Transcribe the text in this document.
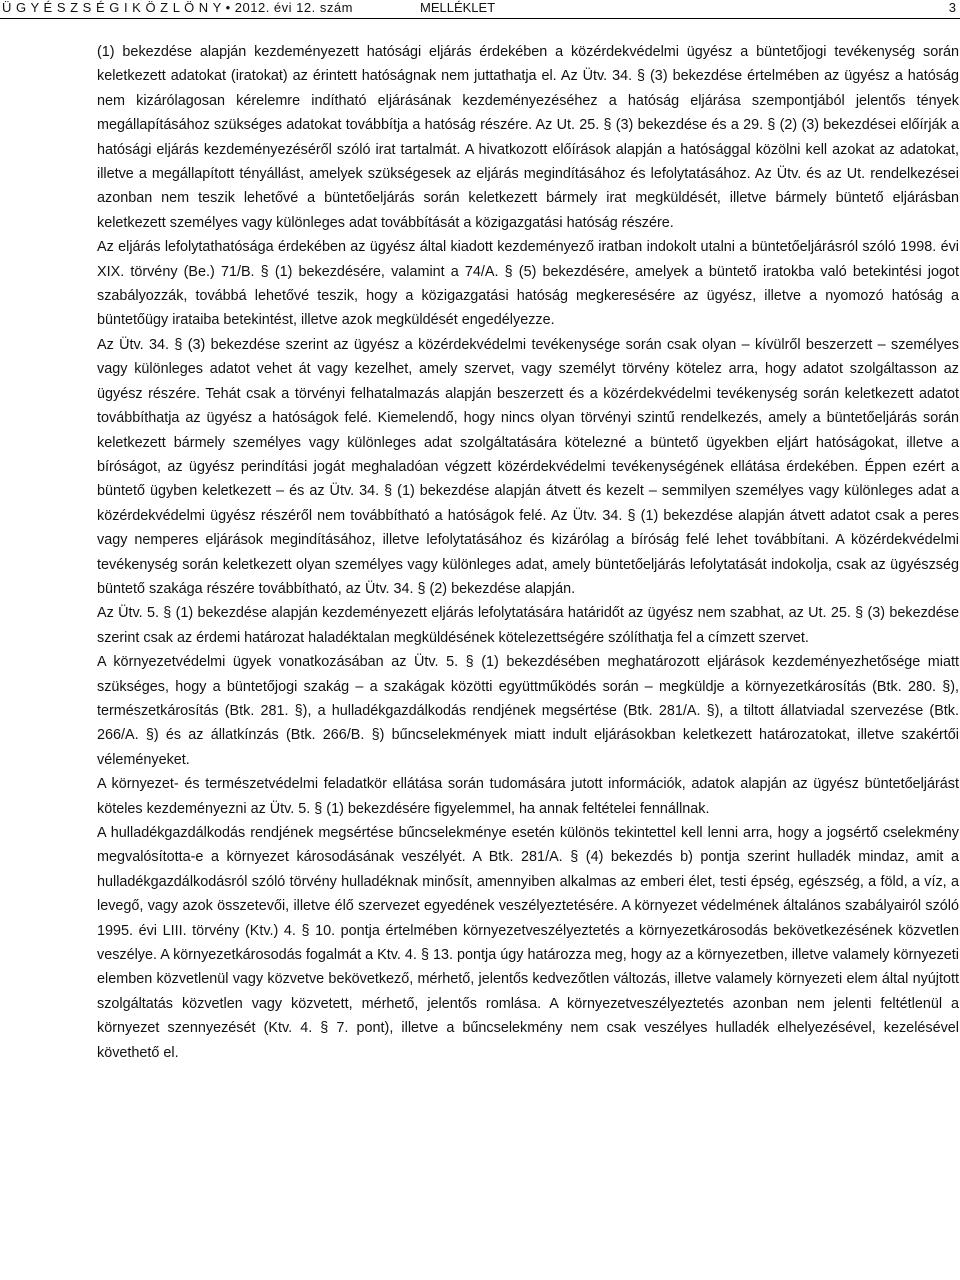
Ü G Y É S Z S É G I K Ö Z L Ö N Y • 2012. évi 12. szám	MELLÉKLET	3

(1) bekezdése alapján kezdeményezett hatósági eljárás érdekében a közérdekvédelmi ügyész a büntetőjogi tevékenység során keletkezett adatokat (iratokat) az érintett hatóságnak nem juttathatja el. Az Ütv. 34. § (3) bekezdése értelmében az ügyész a hatóság nem kizárólagosan kérelemre indítható eljárásának kezdeményezéséhez a hatóság eljárása szempontjából jelentős tények megállapításához szükséges adatokat továbbítja a hatóság részére. Az Ut. 25. § (3) bekezdése és a 29. § (2) (3) bekezdései előírják a hatósági eljárás kezdeményezéséről szóló irat tartalmát. A hivatkozott előírások alapján a hatósággal közölni kell azokat az adatokat, illetve a megállapított tényállást, amelyek szükségesek az eljárás megindításához és lefolytatásához. Az Ütv. és az Ut. rendelkezései azonban nem teszik lehetővé a büntetőeljárás során keletkezett bármely irat megküldését, illetve bármely büntető eljárásban keletkezett személyes vagy különleges adat továbbítását a közigazgatási hatóság részére.

Az eljárás lefolytathatósága érdekében az ügyész által kiadott kezdeményező iratban indokolt utalni a büntetőeljárásról szóló 1998. évi XIX. törvény (Be.) 71/B. § (1) bekezdésére, valamint a 74/A. § (5) bekezdésére, amelyek a büntető iratokba való betekintési jogot szabályozzák, továbbá lehetővé teszik, hogy a közigazgatási hatóság megkeresésére az ügyész, illetve a nyomozó hatóság a büntetőügy irataiba betekintést, illetve azok megküldését engedélyezze.

Az Ütv. 34. § (3) bekezdése szerint az ügyész a közérdekvédelmi tevékenysége során csak olyan – kívülről beszerzett – személyes vagy különleges adatot vehet át vagy kezelhet, amely szervet, vagy személyt törvény kötelez arra, hogy adatot szolgáltasson az ügyész részére. Tehát csak a törvényi felhatalmazás alapján beszerzett és a közérdekvédelmi tevékenység során keletkezett adatot továbbíthatja az ügyész a hatóságok felé. Kiemelendő, hogy nincs olyan törvényi szintű rendelkezés, amely a büntetőeljárás során keletkezett bármely személyes vagy különleges adat szolgáltatására kötelezné a büntető ügyekben eljárt hatóságokat, illetve a bíróságot, az ügyész perindítási jogát meghaladóan végzett közérdekvédelmi tevékenységének ellátása érdekében. Éppen ezért a büntető ügyben keletkezett – és az Ütv. 34. § (1) bekezdése alapján átvett és kezelt – semmilyen személyes vagy különleges adat a közérdekvédelmi ügyész részéről nem továbbítható a hatóságok felé. Az Ütv. 34. § (1) bekezdése alapján átvett adatot csak a peres vagy nemperes eljárások megindításához, illetve lefolytatásához és kizárólag a bíróság felé lehet továbbítani. A közérdekvédelmi tevékenység során keletkezett olyan személyes vagy különleges adat, amely büntetőeljárás lefolytatását indokolja, csak az ügyészség büntető szakága részére továbbítható, az Ütv. 34. § (2) bekezdése alapján.

Az Ütv. 5. § (1) bekezdése alapján kezdeményezett eljárás lefolytatására határidőt az ügyész nem szabhat, az Ut. 25. § (3) bekezdése szerint csak az érdemi határozat haladéktalan megküldésének kötelezettségére szólíthatja fel a címzett szervet.

A környezetvédelmi ügyek vonatkozásában az Ütv. 5. § (1) bekezdésében meghatározott eljárások kezdeményezhetősége miatt szükséges, hogy a büntetőjogi szakág – a szakágak közötti együttműködés során – megküldje a környezetkárosítás (Btk. 280. §), természetkárosítás (Btk. 281. §), a hulladékgazdálkodás rendjének megsértése (Btk. 281/A. §), a tiltott állatviadal szervezése (Btk. 266/A. §) és az állatkínzás (Btk. 266/B. §) bűncselekmények miatt indult eljárásokban keletkezett határozatokat, illetve szakértői véleményeket.

A környezet- és természetvédelmi feladatkör ellátása során tudomására jutott információk, adatok alapján az ügyész büntetőeljárást köteles kezdeményezni az Ütv. 5. § (1) bekezdésére figyelemmel, ha annak feltételei fennállnak.

A hulladékgazdálkodás rendjének megsértése bűncselekménye esetén különös tekintettel kell lenni arra, hogy a jogsértő cselekmény megvalósította-e a környezet károsodásának veszélyét. A Btk. 281/A. § (4) bekezdés b) pontja szerint hulladék mindaz, amit a hulladékgazdálkodásról szóló törvény hulladéknak minősít, amennyiben alkalmas az emberi élet, testi épség, egészség, a föld, a víz, a levegő, vagy azok összetevői, illetve élő szervezet egyedének veszélyeztetésére. A környezet védelmének általános szabályairól szóló 1995. évi LIII. törvény (Ktv.) 4. § 10. pontja értelmében környezetveszélyeztetés a környezetkárosodás bekövetkezésének közvetlen veszélye. A környezetkárosodás fogalmát a Ktv. 4. § 13. pontja úgy határozza meg, hogy az a környezetben, illetve valamely környezeti elemben közvetlenül vagy közvetve bekövetkező, mérhető, jelentős kedvezőtlen változás, illetve valamely környezeti elem által nyújtott szolgáltatás közvetlen vagy közvetett, mérhető, jelentős romlása. A környezetveszélyeztetés azonban nem jelenti feltétlenül a környezet szennyezését (Ktv. 4. § 7. pont), illetve a bűncselekmény nem csak veszélyes hulladék elhelyezésével, kezelésével követhető el.
